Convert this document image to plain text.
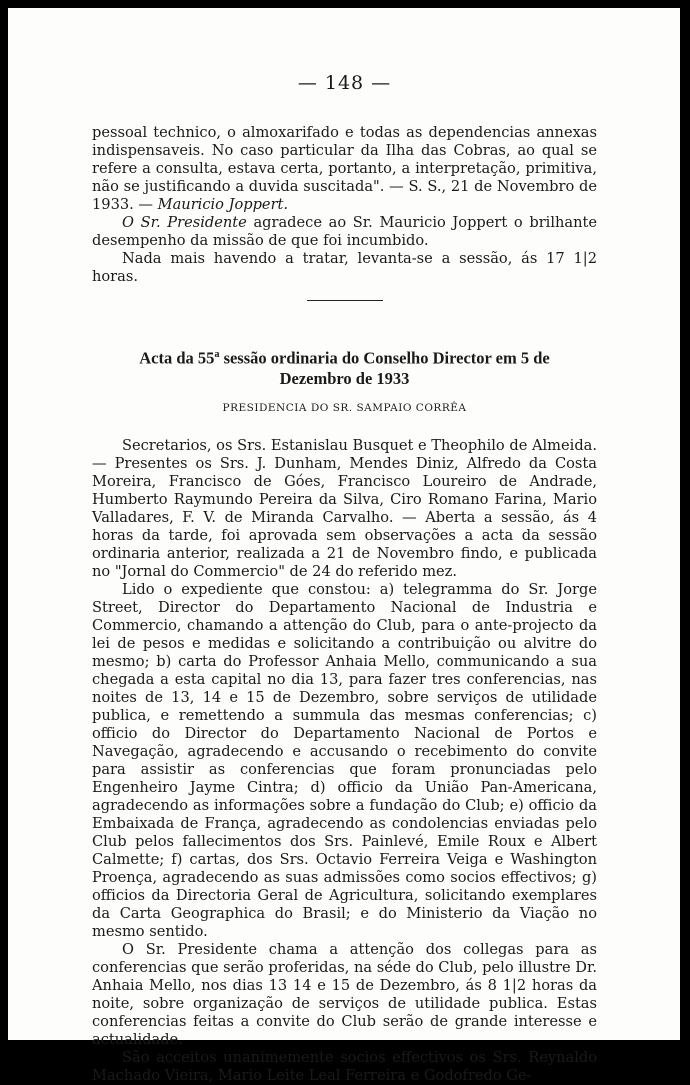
— 148 —

pessoal technico, o almoxarifado e todas as dependencias annexas indispensaveis. No caso particular da Ilha das Cobras, ao qual se refere a consulta, estava certa, portanto, a interpretação, primitiva, não se justificando a duvida suscitada". — S. S., 21 de Novembro de 1933. — Mauricio Joppert.

O Sr. Presidente agradece ao Sr. Mauricio Joppert o brilhante desempenho da missão de que foi incumbido.

Nada mais havendo a tratar, levanta-se a sessão, ás 17 1|2 horas.

Acta da 55$^a$ sessão ordinaria do Conselho Director em 5 de
Dezembro de 1933
PRESIDENCIA DO SR. SAMPAIO CORRÊA

Secretarios, os Srs. Estanislau Busquet e Theophilo de Almeida. — Presentes os Srs. J. Dunham, Mendes Diniz, Alfredo da Costa Moreira, Francisco de Góes, Francisco Loureiro de Andrade, Humberto Raymundo Pereira da Silva, Ciro Romano Farina, Mario Valladares, F. V. de Miranda Carvalho. — Aberta a sessão, ás 4 horas da tarde, foi aprovada sem observações a acta da sessão ordinaria anterior, realizada a 21 de Novembro findo, e publicada no "Jornal do Commercio" de 24 do referido mez.

Lido o expediente que constou: a) telegramma do Sr. Jorge Street, Director do Departamento Nacional de Industria e Commercio, chamando a attenção do Club, para o ante-projecto da lei de pesos e medidas e solicitando a contribuição ou alvitre do mesmo; b) carta do Professor Anhaia Mello, communicando a sua chegada a esta capital no dia 13, para fazer tres conferencias, nas noites de 13, 14 e 15 de Dezembro, sobre serviços de utilidade publica, e remettendo a summula das mesmas conferencias; c) officio do Director do Departamento Nacional de Portos e Navegação, agradecendo e accusando o recebimento do convite para assistir as conferencias que foram pronunciadas pelo Engenheiro Jayme Cintra; d) officio da União Pan-Americana, agradecendo as informações sobre a fundação do Club; e) officio da Embaixada de França, agradecendo as condolencias enviadas pelo Club pelos fallecimentos dos Srs. Painlevé, Emile Roux e Albert Calmette; f) cartas, dos Srs. Octavio Ferreira Veiga e Washington Proença, agradecendo as suas admissões como socios effectivos; g) officios da Directoria Geral de Agricultura, solicitando exemplares da Carta Geographica do Brasil; e do Ministerio da Viação no mesmo sentido.

O Sr. Presidente chama a attenção dos collegas para as conferencias que serão proferidas, na séde do Club, pelo illustre Dr. Anhaia Mello, nos dias 13 14 e 15 de Dezembro, ás 8 1|2 horas da noite, sobre organização de serviços de utilidade publica. Estas conferencias feitas a convite do Club serão de grande interesse e actualidade.

São acceitos unanimemente socios effectivos os Srs. Reynaldo Machado Vieira, Mario Leite Leal Ferreira e Godofredo Ge-
